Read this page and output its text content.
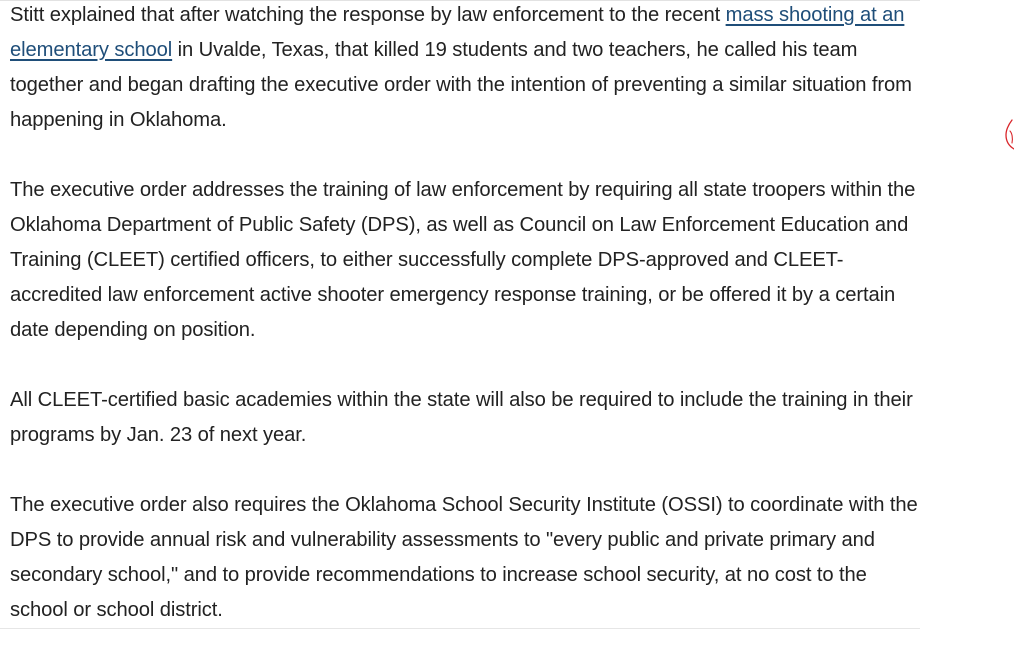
Stitt explained that after watching the response by law enforcement to the recent mass shooting at an elementary school in Uvalde, Texas, that killed 19 students and two teachers, he called his team together and began drafting the executive order with the intention of preventing a similar situation from happening in Oklahoma.

The executive order addresses the training of law enforcement by requiring all state troopers within the Oklahoma Department of Public Safety (DPS), as well as Council on Law Enforcement Education and Training (CLEET) certified officers, to either successfully complete DPS-approved and CLEET-accredited law enforcement active shooter emergency response training, or be offered it by a certain date depending on position.

All CLEET-certified basic academies within the state will also be required to include the training in their programs by Jan. 23 of next year.

The executive order also requires the Oklahoma School Security Institute (OSSI) to coordinate with the DPS to provide annual risk and vulnerability assessments to "every public and private primary and secondary school," and to provide recommendations to increase school security, at no cost to the school or school district.
